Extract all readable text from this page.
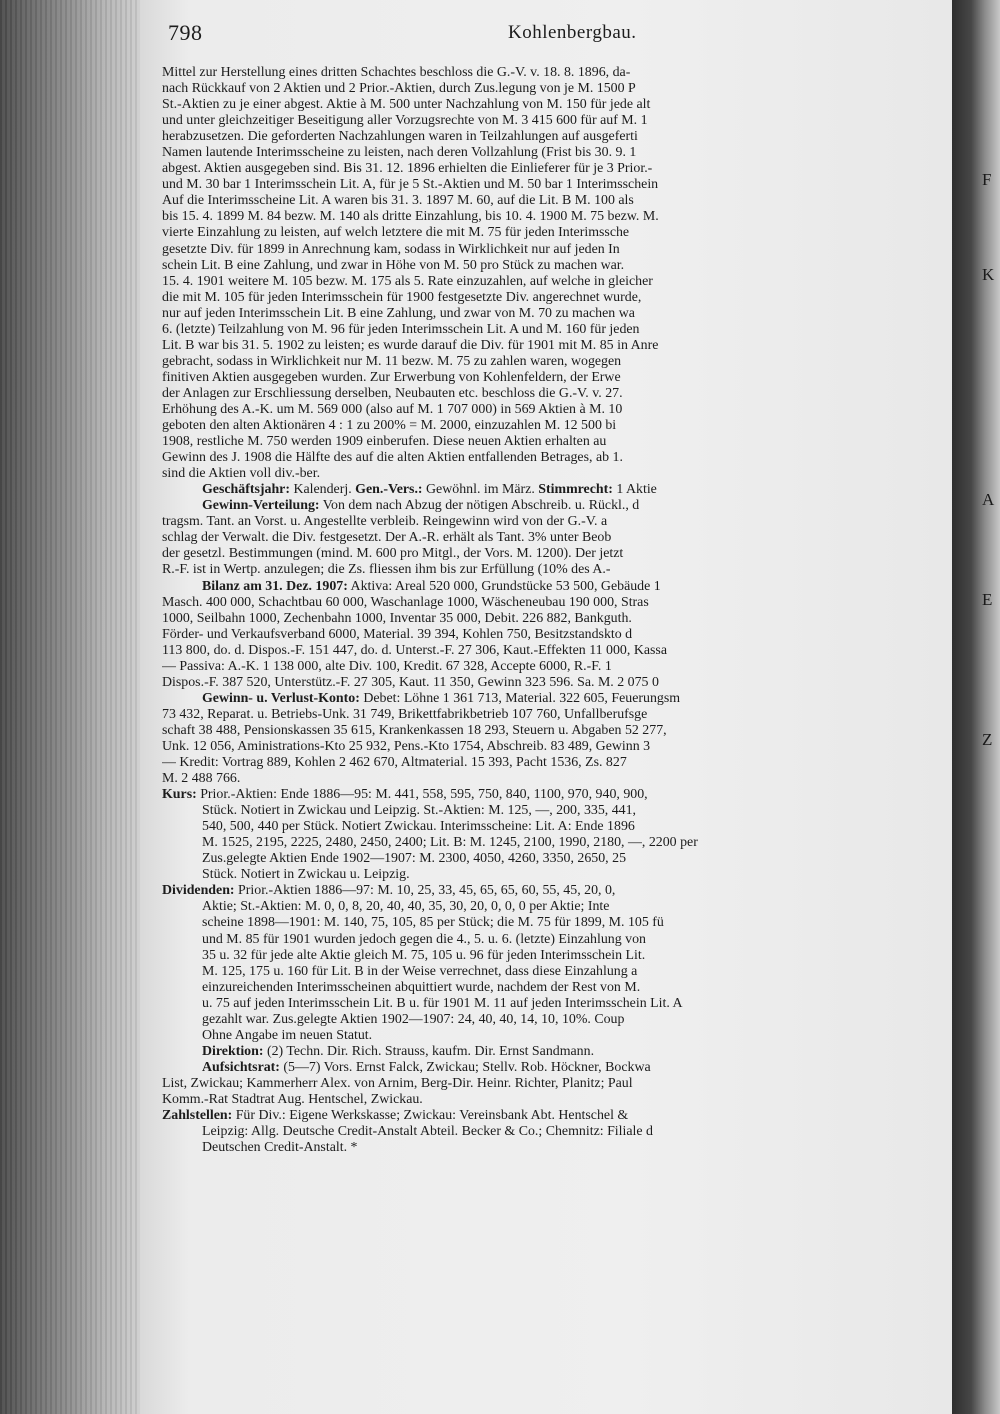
F
K
A
E
Z
798	Kohlenbergbau.
Mittel zur Herstellung eines dritten Schachtes beschloss die G.-V. v. 18. 8. 1896, da-
nach Rückkauf von 2 Aktien und 2 Prior.-Aktien, durch Zus.legung von je M. 1500 P
St.-Aktien zu je einer abgest. Aktie à M. 500 unter Nachzahlung von M. 150 für jede alt
und unter gleichzeitiger Beseitigung aller Vorzugsrechte von M. 3 415 600 für auf M. 1
herabzusetzen. Die geforderten Nachzahlungen waren in Teilzahlungen auf ausgeferti
Namen lautende Interimsscheine zu leisten, nach deren Vollzahlung (Frist bis 30. 9. 1
abgest. Aktien ausgegeben sind. Bis 31. 12. 1896 erhielten die Einlieferer für je 3 Prior.-
und M. 30 bar 1 Interimsschein Lit. A, für je 5 St.-Aktien und M. 50 bar 1 Interimsschein
Auf die Interimsscheine Lit. A waren bis 31. 3. 1897 M. 60, auf die Lit. B M. 100 als
bis 15. 4. 1899 M. 84 bezw. M. 140 als dritte Einzahlung, bis 10. 4. 1900 M. 75 bezw. M.
vierte Einzahlung zu leisten, auf welch letztere die mit M. 75 für jeden Interimssche
gesetzte Div. für 1899 in Anrechnung kam, sodass in Wirklichkeit nur auf jeden In
schein Lit. B eine Zahlung, und zwar in Höhe von M. 50 pro Stück zu machen war.
15. 4. 1901 weitere M. 105 bezw. M. 175 als 5. Rate einzuzahlen, auf welche in gleicher
die mit M. 105 für jeden Interimsschein für 1900 festgesetzte Div. angerechnet wurde,
nur auf jeden Interimsschein Lit. B eine Zahlung, und zwar von M. 70 zu machen wa
6. (letzte) Teilzahlung von M. 96 für jeden Interimsschein Lit. A und M. 160 für jeden
Lit. B war bis 31. 5. 1902 zu leisten; es wurde darauf die Div. für 1901 mit M. 85 in Anre
gebracht, sodass in Wirklichkeit nur M. 11 bezw. M. 75 zu zahlen waren, wogegen
finitiven Aktien ausgegeben wurden. Zur Erwerbung von Kohlenfeldern, der Erwe
der Anlagen zur Erschliessung derselben, Neubauten etc. beschloss die G.-V. v. 27.
Erhöhung des A.-K. um M. 569 000 (also auf M. 1 707 000) in 569 Aktien à M. 10
geboten den alten Aktionären 4 : 1 zu 200% = M. 2000, einzuzahlen M. 12 500 bi
1908, restliche M. 750 werden 1909 einberufen. Diese neuen Aktien erhalten au
Gewinn des J. 1908 die Hälfte des auf die alten Aktien entfallenden Betrages, ab 1.
sind die Aktien voll div.-ber.
Geschäftsjahr: Kalenderj. Gen.-Vers.: Gewöhnl. im März. Stimmrecht: 1 Aktie
Gewinn-Verteilung: Von dem nach Abzug der nötigen Abschreib. u. Rückl., d
tragsm. Tant. an Vorst. u. Angestellte verbleib. Reingewinn wird von der G.-V. a
schlag der Verwalt. die Div. festgesetzt. Der A.-R. erhält als Tant. 3% unter Beob
der gesetzl. Bestimmungen (mind. M. 600 pro Mitgl., der Vors. M. 1200). Der jetzt
R.-F. ist in Wertp. anzulegen; die Zs. fliessen ihm bis zur Erfüllung (10% des A.-
Bilanz am 31. Dez. 1907: Aktiva: Areal 520 000, Grundstücke 53 500, Gebäude 1
Masch. 400 000, Schachtbau 60 000, Waschanlage 1000, Wäscheneubau 190 000, Stras
1000, Seilbahn 1000, Zechenbahn 1000, Inventar 35 000, Debit. 226 882, Bankguth.
Förder- und Verkaufsverband 6000, Material. 39 394, Kohlen 750, Besitzstandskto d
113 800, do. d. Dispos.-F. 151 447, do. d. Unterst.-F. 27 306, Kaut.-Effekten 11 000, Kassa
— Passiva: A.-K. 1 138 000, alte Div. 100, Kredit. 67 328, Accepte 6000, R.-F. 1
Dispos.-F. 387 520, Unterstütz.-F. 27 305, Kaut. 11 350, Gewinn 323 596. Sa. M. 2 075 0
Gewinn- u. Verlust-Konto: Debet: Löhne 1 361 713, Material. 322 605, Feuerungsm
73 432, Reparat. u. Betriebs-Unk. 31 749, Brikettfabrikbetrieb 107 760, Unfallberufsge
schaft 38 488, Pensionskassen 35 615, Krankenkassen 18 293, Steuern u. Abgaben 52 277,
Unk. 12 056, Aministrations-Kto 25 932, Pens.-Kto 1754, Abschreib. 83 489, Gewinn 3
— Kredit: Vortrag 889, Kohlen 2 462 670, Altmaterial. 15 393, Pacht 1536, Zs. 827
M. 2 488 766.
Kurs: Prior.-Aktien: Ende 1886—95: M. 441, 558, 595, 750, 840, 1100, 970, 940, 900,
Stück. Notiert in Zwickau und Leipzig. St.-Aktien: M. 125, —, 200, 335, 441,
540, 500, 440 per Stück. Notiert Zwickau. Interimsscheine: Lit. A: Ende 1896
M. 1525, 2195, 2225, 2480, 2450, 2400; Lit. B: M. 1245, 2100, 1990, 2180, —, 2200 per
Zus.gelegte Aktien Ende 1902—1907: M. 2300, 4050, 4260, 3350, 2650, 25
Stück. Notiert in Zwickau u. Leipzig.
Dividenden: Prior.-Aktien 1886—97: M. 10, 25, 33, 45, 65, 65, 60, 55, 45, 20, 0,
Aktie; St.-Aktien: M. 0, 0, 8, 20, 40, 40, 35, 30, 20, 0, 0, 0 per Aktie; Inte
scheine 1898—1901: M. 140, 75, 105, 85 per Stück; die M. 75 für 1899, M. 105 fü
und M. 85 für 1901 wurden jedoch gegen die 4., 5. u. 6. (letzte) Einzahlung von
35 u. 32 für jede alte Aktie gleich M. 75, 105 u. 96 für jeden Interimsschein Lit.
M. 125, 175 u. 160 für Lit. B in der Weise verrechnet, dass diese Einzahlung a
einzureichenden Interimsscheinen abquittiert wurde, nachdem der Rest von M.
u. 75 auf jeden Interimsschein Lit. B u. für 1901 M. 11 auf jeden Interimsschein Lit. A
gezahlt war. Zus.gelegte Aktien 1902—1907: 24, 40, 40, 14, 10, 10%. Coup
Ohne Angabe im neuen Statut.
Direktion: (2) Techn. Dir. Rich. Strauss, kaufm. Dir. Ernst Sandmann.
Aufsichtsrat: (5—7) Vors. Ernst Falck, Zwickau; Stellv. Rob. Höckner, Bockwa
List, Zwickau; Kammerherr Alex. von Arnim, Berg-Dir. Heinr. Richter, Planitz; Paul
Komm.-Rat Stadtrat Aug. Hentschel, Zwickau.
Zahlstellen: Für Div.: Eigene Werkskasse; Zwickau: Vereinsbank Abt. Hentschel &
Leipzig: Allg. Deutsche Credit-Anstalt Abteil. Becker & Co.; Chemnitz: Filiale d
Deutschen Credit-Anstalt. *
